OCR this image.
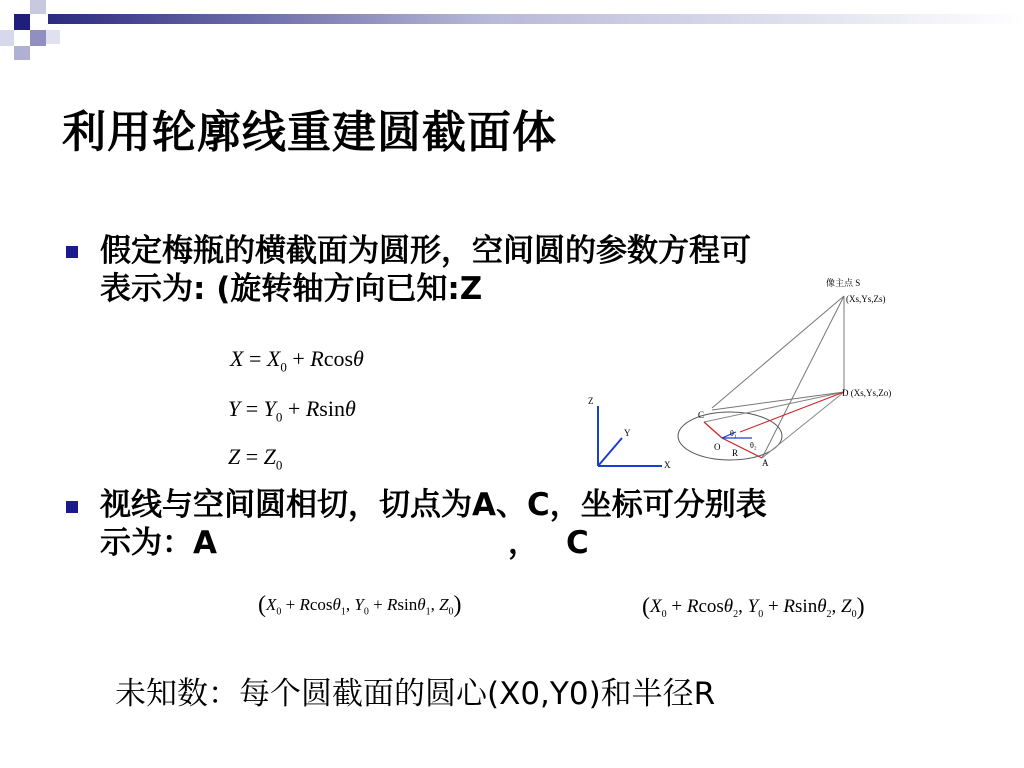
利用轮廓线重建圆截面体
假定梅瓶的横截面为圆形，空间圆的参数方程可
表示为: (旋转轴方向已知:Z
$X = X_0 + Rcos\theta$
$Y = Y_0 + Rsin\theta$
$Z = Z_0$
像主点 S
(Xs,Ys,Zs)
D (Xs,Ys,Zo)
Z
Y
X
C
O
R
A
θ₁
θ₂
视线与空间圆相切，切点为A、C，坐标可分别表
示为：A	， C
($X_0 + Rcos\theta_1$, $Y_0 + Rsin\theta_1$, $Z_0$)	($X_0 + Rcos\theta_2$, $Y_0 + Rsin\theta_2$, $Z_0$)
未知数：每个圆截面的圆心(X0,Y0)和半径R
